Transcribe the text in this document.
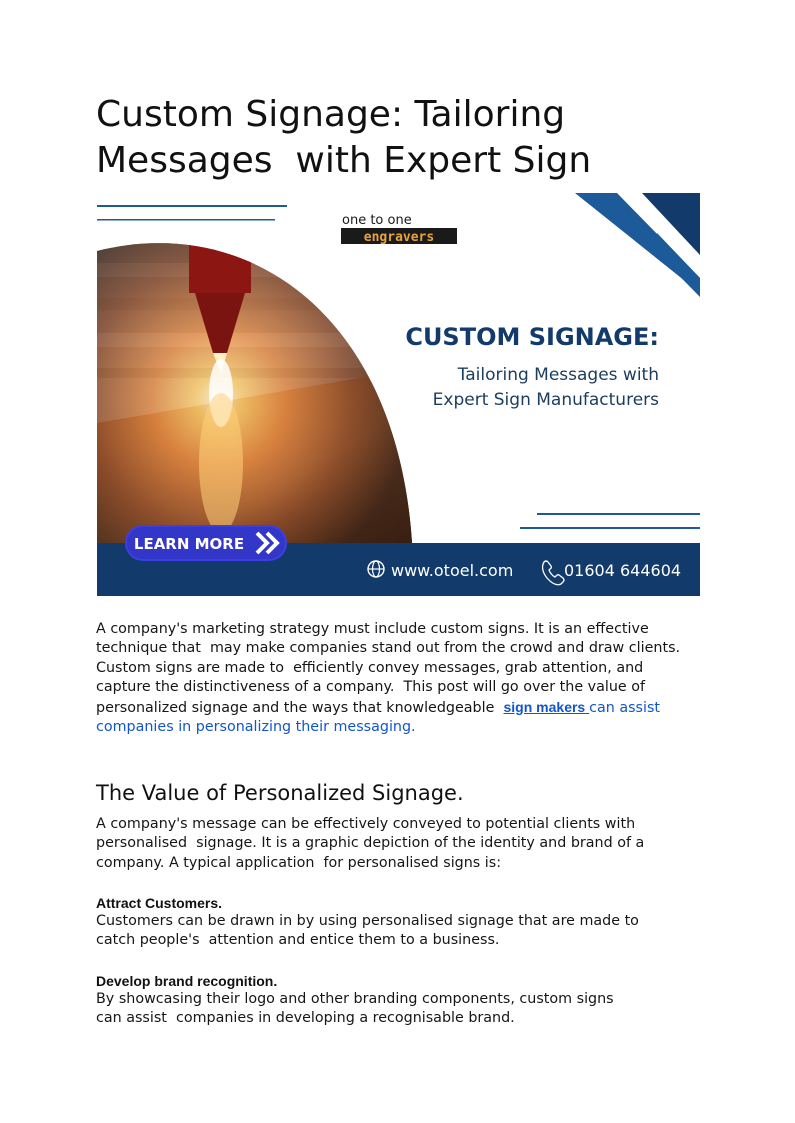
Custom Signage: Tailoring
Messages  with Expert Sign
one to one
engravers
CUSTOM SIGNAGE:
Tailoring Messages with
Expert Sign Manufacturers
www.otoel.com	01604 644604
LEARN MORE

A company's marketing strategy must include custom signs. It is an effective
technique that  may make companies stand out from the crowd and draw clients.
Custom signs are made to  efficiently convey messages, grab attention, and
capture the distinctiveness of a company.  This post will go over the value of
personalized signage and the ways that knowledgeable  sign makers can assist
companies in personalizing their messaging.

The Value of Personalized Signage.

A company's message can be effectively conveyed to potential clients with
personalised  signage. It is a graphic depiction of the identity and brand of a
company. A typical application  for personalised signs is:

Attract Customers.

Customers can be drawn in by using personalised signage that are made to
catch people's  attention and entice them to a business.

Develop brand recognition.

By showcasing their logo and other branding components, custom signs
can assist  companies in developing a recognisable brand.
